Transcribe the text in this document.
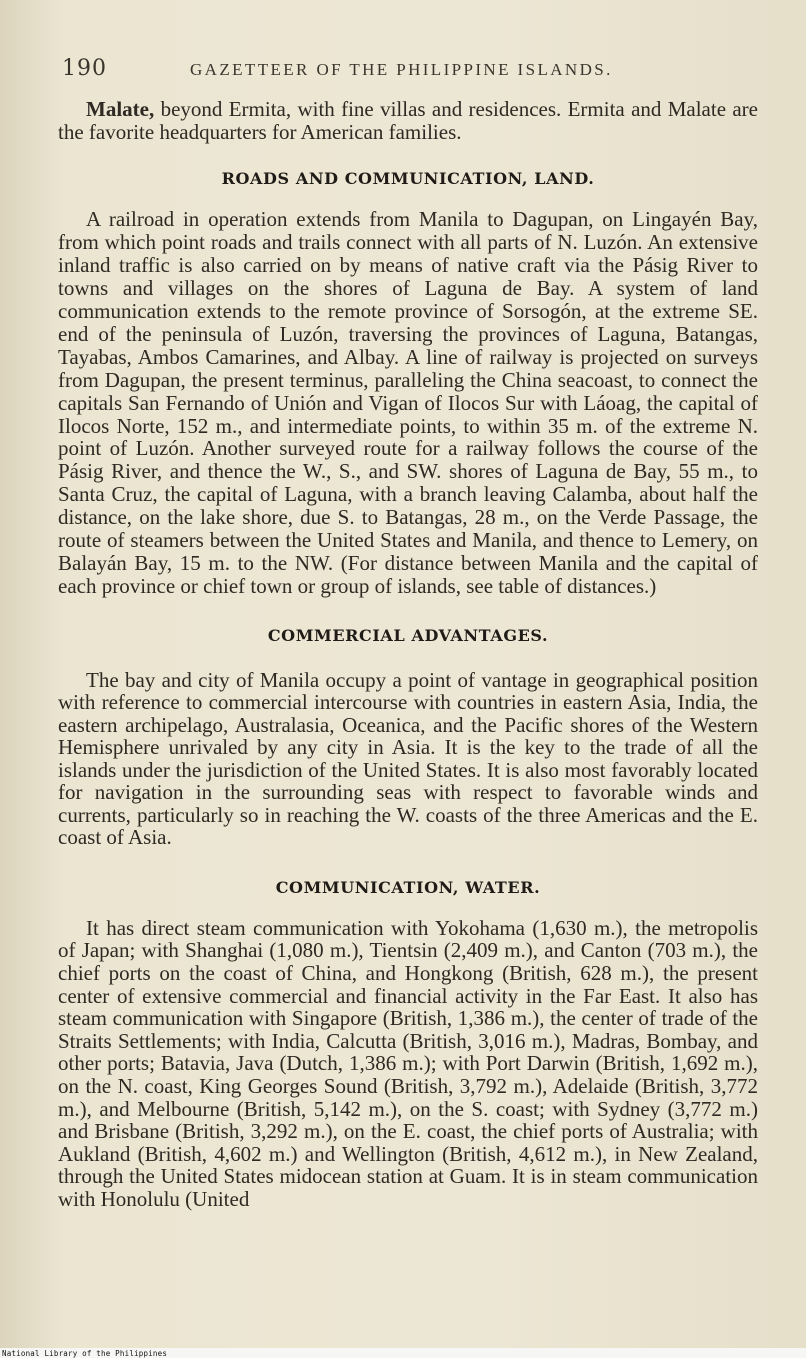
190	GAZETTEER OF THE PHILIPPINE ISLANDS.

Malate, beyond Ermita, with fine villas and residences. Ermita and Malate are the favorite headquarters for American families.

ROADS AND COMMUNICATION, LAND.

A railroad in operation extends from Manila to Dagupan, on Lingayén Bay, from which point roads and trails connect with all parts of N. Luzón. An extensive inland traffic is also carried on by means of native craft via the Pásig River to towns and villages on the shores of Laguna de Bay. A system of land communication extends to the remote province of Sorsogón, at the extreme SE. end of the peninsula of Luzón, traversing the provinces of Laguna, Batangas, Tayabas, Ambos Camarines, and Albay. A line of railway is projected on surveys from Dagupan, the present terminus, paralleling the China seacoast, to connect the capitals San Fernando of Unión and Vigan of Ilocos Sur with Láoag, the capital of Ilocos Norte, 152 m., and intermediate points, to within 35 m. of the extreme N. point of Luzón. Another surveyed route for a railway follows the course of the Pásig River, and thence the W., S., and SW. shores of Laguna de Bay, 55 m., to Santa Cruz, the capital of Laguna, with a branch leaving Calamba, about half the distance, on the lake shore, due S. to Batangas, 28 m., on the Verde Passage, the route of steamers between the United States and Manila, and thence to Lemery, on Balayán Bay, 15 m. to the NW. (For distance between Manila and the capital of each province or chief town or group of islands, see table of distances.)

COMMERCIAL ADVANTAGES.

The bay and city of Manila occupy a point of vantage in geographical position with reference to commercial intercourse with countries in eastern Asia, India, the eastern archipelago, Australasia, Oceanica, and the Pacific shores of the Western Hemisphere unrivaled by any city in Asia. It is the key to the trade of all the islands under the jurisdiction of the United States. It is also most favorably located for navigation in the surrounding seas with respect to favorable winds and currents, particularly so in reaching the W. coasts of the three Americas and the E. coast of Asia.

COMMUNICATION, WATER.

It has direct steam communication with Yokohama (1,630 m.), the metropolis of Japan; with Shanghai (1,080 m.), Tientsin (2,409 m.), and Canton (703 m.), the chief ports on the coast of China, and Hongkong (British, 628 m.), the present center of extensive commercial and financial activity in the Far East. It also has steam communication with Singapore (British, 1,386 m.), the center of trade of the Straits Settlements; with India, Calcutta (British, 3,016 m.), Madras, Bombay, and other ports; Batavia, Java (Dutch, 1,386 m.); with Port Darwin (British, 1,692 m.), on the N. coast, King Georges Sound (British, 3,792 m.), Adelaide (British, 3,772 m.), and Melbourne (British, 5,142 m.), on the S. coast; with Sydney (3,772 m.) and Brisbane (British, 3,292 m.), on the E. coast, the chief ports of Australia; with Aukland (British, 4,602 m.) and Wellington (British, 4,612 m.), in New Zealand, through the United States midocean station at Guam. It is in steam communication with Honolulu (United

National Library of the Philippines
